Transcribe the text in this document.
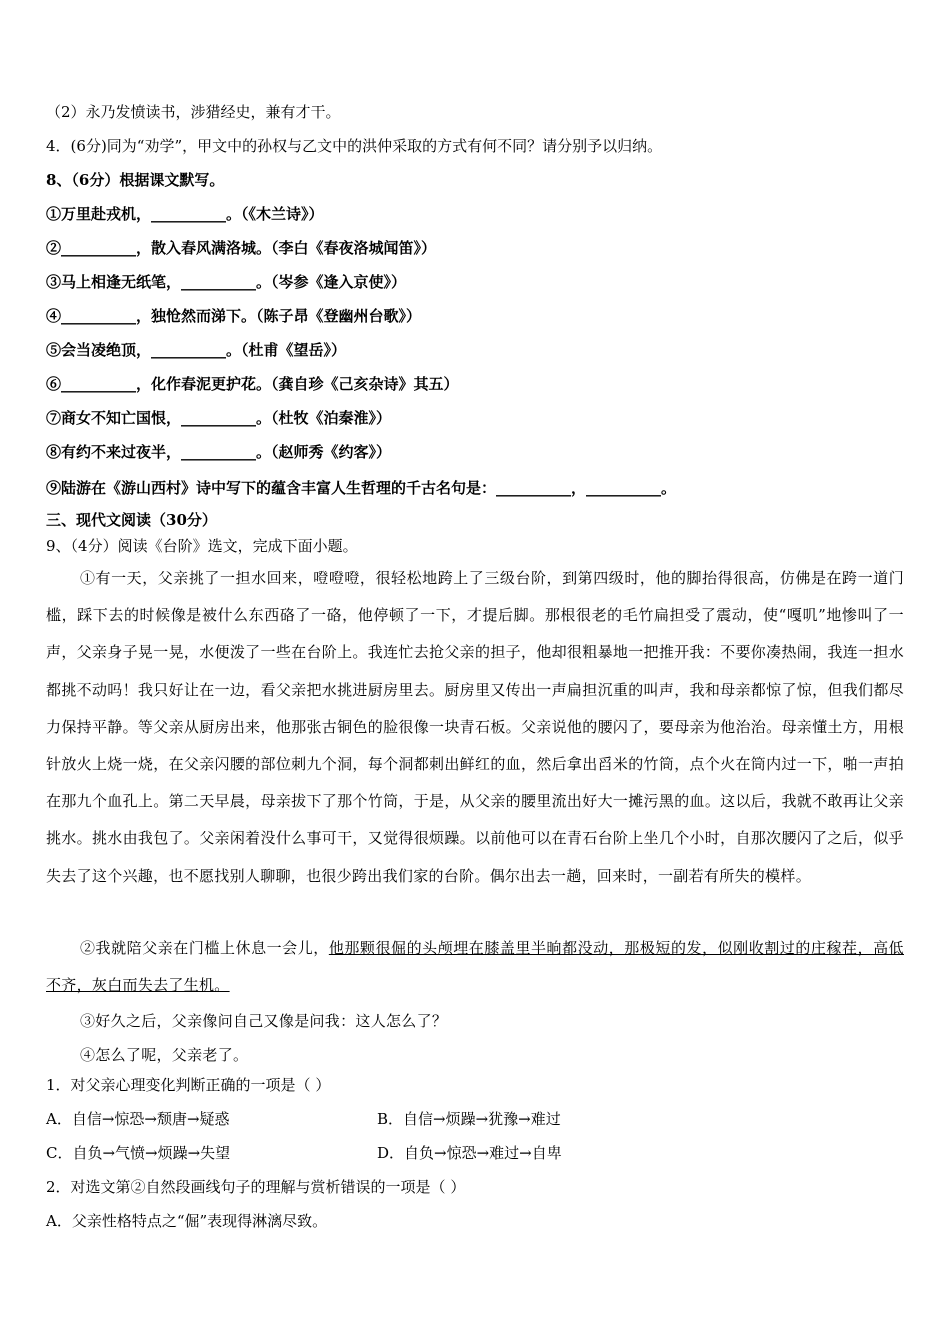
（2）永乃发愤读书，涉猎经史，兼有才干。
4．(6分)同为“劝学”，甲文中的孙权与乙文中的洪仲采取的方式有何不同？请分别予以归纳。
8、（6分）根据课文默写。
①万里赴戎机，__________。（《木兰诗》）
②__________，散入春风满洛城。（李白《春夜洛城闻笛》）
③马上相逢无纸笔，__________。（岑参《逢入京使》）
④__________，独怆然而涕下。（陈子昂《登幽州台歌》）
⑤会当凌绝顶，__________。（杜甫《望岳》）
⑥__________，化作春泥更护花。（龚自珍《己亥杂诗》其五）
⑦商女不知亡国恨，__________。（杜牧《泊秦淮》）
⑧有约不来过夜半，__________。（赵师秀《约客》）
⑨陆游在《游山西村》诗中写下的蕴含丰富人生哲理的千古名句是：__________，__________。
三、现代文阅读（30分）
9、（4分）阅读《台阶》选文，完成下面小题。
①有一天，父亲挑了一担水回来，噔噔噔，很轻松地跨上了三级台阶，到第四级时，他的脚抬得很高，仿佛是在跨一道门槛，踩下去的时候像是被什么东西硌了一硌，他停顿了一下，才提后脚。那根很老的毛竹扁担受了震动，使“嘎叽”地惨叫了一声，父亲身子晃一晃，水便泼了一些在台阶上。我连忙去抢父亲的担子，他却很粗暴地一把推开我：不要你凑热闹，我连一担水都挑不动吗！我只好让在一边，看父亲把水挑进厨房里去。厨房里又传出一声扁担沉重的叫声，我和母亲都惊了惊，但我们都尽力保持平静。等父亲从厨房出来，他那张古铜色的脸很像一块青石板。父亲说他的腰闪了，要母亲为他治治。母亲懂土方，用根针放火上烧一烧，在父亲闪腰的部位刺九个洞，每个洞都刺出鲜红的血，然后拿出舀米的竹筒，点个火在筒内过一下，啪一声拍在那九个血孔上。第二天早晨，母亲拔下了那个竹筒，于是，从父亲的腰里流出好大一摊污黑的血。这以后，我就不敢再让父亲挑水。挑水由我包了。父亲闲着没什么事可干，又觉得很烦躁。以前他可以在青石台阶上坐几个小时，自那次腰闪了之后，似乎失去了这个兴趣，也不愿找别人聊聊，也很少跨出我们家的台阶。偶尔出去一趟，回来时，一副若有所失的模样。
②我就陪父亲在门槛上休息一会儿，他那颗很倔的头颅埋在膝盖里半晌都没动，那极短的发，似刚收割过的庄稼茬，高低不齐，灰白而失去了生机。
③好久之后，父亲像问自己又像是问我：这人怎么了？
④怎么了呢，父亲老了。
1．对父亲心理变化判断正确的一项是（ ）
A．自信→惊恐→颓唐→疑惑	B．自信→烦躁→犹豫→难过
C．自负→气愤→烦躁→失望	D．自负→惊恐→难过→自卑
2．对选文第②自然段画线句子的理解与赏析错误的一项是（ ）
A．父亲性格特点之“倔”表现得淋漓尽致。
